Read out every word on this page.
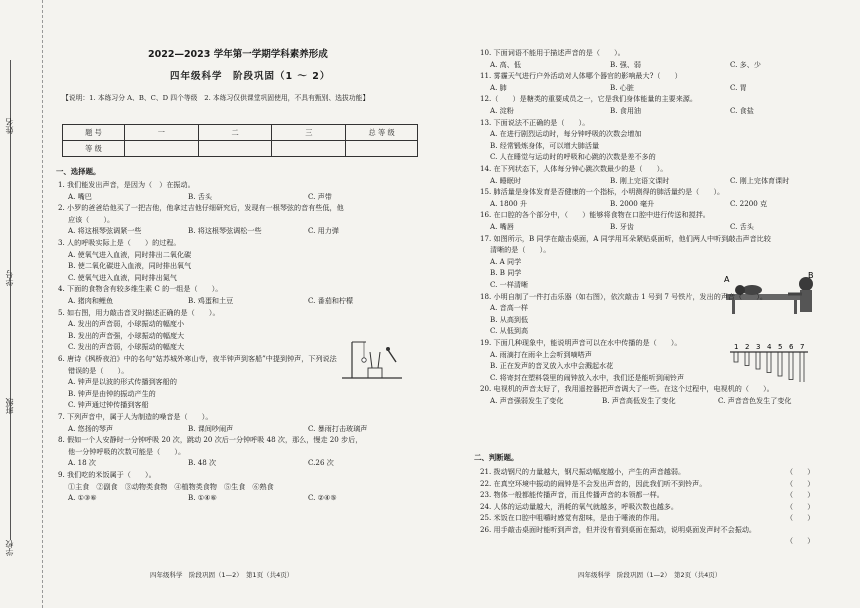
姓名
学号
班级
学校
2022—2023 学年第一学期学科素养形成
四年级科学　阶段巩固（1 ～ 2）
【说明：1. 本练习分 A、B、C、D 四个等级　2. 本练习仅供课堂巩固使用，不具有甄别、选拔功能】
题 号	一	二	三	总 等 级
等 级				
一、选择题。
四年级科学　阶段巩固（1—2）　第1页（共4页）
1. 我们能发出声音，是因为（　）在振动。
A. 嘴巴	B. 舌头	C. 声带
2. 小罗的爸爸给他买了一把吉他，他拿过吉他仔细研究后，发现有一根琴弦的音有些低，他
应该（　　）。
A. 将这根琴弦调紧一些	B. 将这根琴弦调松一些	C. 用力弹
3. 人的呼吸实际上是（　　）的过程。
A. 使氧气进入血液，同时排出二氧化碳
B. 使二氧化碳进入血液，同时排出氧气
C. 使氧气进入血液，同时排出氮气
4. 下面的食物含有较多维生素 C 的一组是（　　）。
A. 猪肉和鲤鱼	B. 鸡蛋和土豆	C. 番茄和柠檬
5. 如右图，用力敲击音叉时描述正确的是（　　）。
A. 发出的声音弱，小球振动的幅度小
B. 发出的声音强，小球振动的幅度大
C. 发出的声音弱，小球振动的幅度大
6. 唐诗《枫桥夜泊》中的名句“姑苏城外寒山寺，夜半钟声到客船”中提到钟声，下列说法
错误的是（　　）。
A. 钟声是以波的形式传播到客船的
B. 钟声是由钟的振动产生的
C. 钟声通过钟传播到客船
7. 下列声音中，属于人为制造的噪音是（　　）。
A. 悠扬的琴声	B. 课间吵闹声	C. 暴雨打击玻璃声
8. 假如一个人安静时一分钟呼吸 20 次，跳动 20 次后一分钟呼吸 48 次，那么，慢走 20 步后，
他一分钟呼吸的次数可能是（　　）。
A. 18 次	B. 48 次	C.26 次
9. 我们吃的米饭属于（　　）。
①主食　②副食　③动物类食物　④植物类食物　⑤生食　⑥熟食
A. ①③⑥	B. ①④⑥	C. ②④⑤
A	B
1 2 3 4 5 6 7
二、判断题。
四年级科学　阶段巩固（1—2）　第2页（共4页）
10. 下面词语不能用于描述声音的是（　　）。
A. 高、低	B. 强、弱	C. 多、少
11. 雾霾天气进行户外活动对人体哪个器官的影响最大?（　　）
A. 肺	B. 心脏	C. 胃
12.（　　）是糖类的重要成员之一，它是我们身体能量的主要来源。
A. 淀粉	B. 食用油	C. 食盐
13. 下面说法不正确的是（　　）。
A. 在进行剧烈运动时，每分钟呼吸的次数会增加
B. 经常锻炼身体，可以增大肺活量
C. 人在睡觉与运动时的呼吸和心跳的次数是差不多的
14. 在下列状态下，人体每分钟心跳次数最少的是（　　）。
A. 睡眠时	B. 刚上完语文课时	C. 刚上完体育课时
15. 肺活量是身体发育是否健康的一个指标，小明测得的肺活量约是（　　）。
A. 1800 升	B. 2000 毫升	C. 2200 克
16. 在口腔的各个部分中，（　　）能够将食物在口腔中进行传送和搅拌。
A. 嘴唇	B. 牙齿	C. 舌头
17. 如图所示，B 同学在敲击桌面，A 同学用耳朵紧贴桌面听，他们两人中听到敲击声音比较
清晰的是（　　）。
A. A 同学
B. B 同学
C. 一样清晰
18. 小明自制了一件打击乐器（如右图），依次敲击 1 号到 7 号铁片，发出的声音（　　）。
A. 音高一样
B. 从高到低
C. 从低到高
19. 下面几种现象中，能说明声音可以在水中传播的是（　　）。
A. 雨滴打在雨伞上会听到嘀嗒声
B. 正在发声的音叉放入水中会溅起水花
C. 将寄封在塑料袋里的闹钟放入水中，我们还是能听到闹铃声
20. 电视机的声音太好了，我用遥控器把声音调大了一些。在这个过程中，电视机的（　　）。
A. 声音强弱发生了变化	B. 声音高低发生了变化	C. 声音音色发生了变化
21. 拨动钢尺的力量越大，钢尺振动幅度越小，产生的声音越弱。	（　　）
22. 在真空环境中振动的闹钟是不会发出声音的，因此我们听不到铃声。	（　　）
23. 物体一般都能传播声音，而且传播声音的本领都一样。	（　　）
24. 人体的运动量越大，消耗的氧气就越多，呼吸次数也越多。	（　　）
25. 米饭在口腔中咀嚼时感觉有甜味，是由于唾液的作用。	（　　）
26. 用手敲击桌面时能听到声音，但并没有看到桌面在振动，说明桌面发声时不会振动。
（　　）
